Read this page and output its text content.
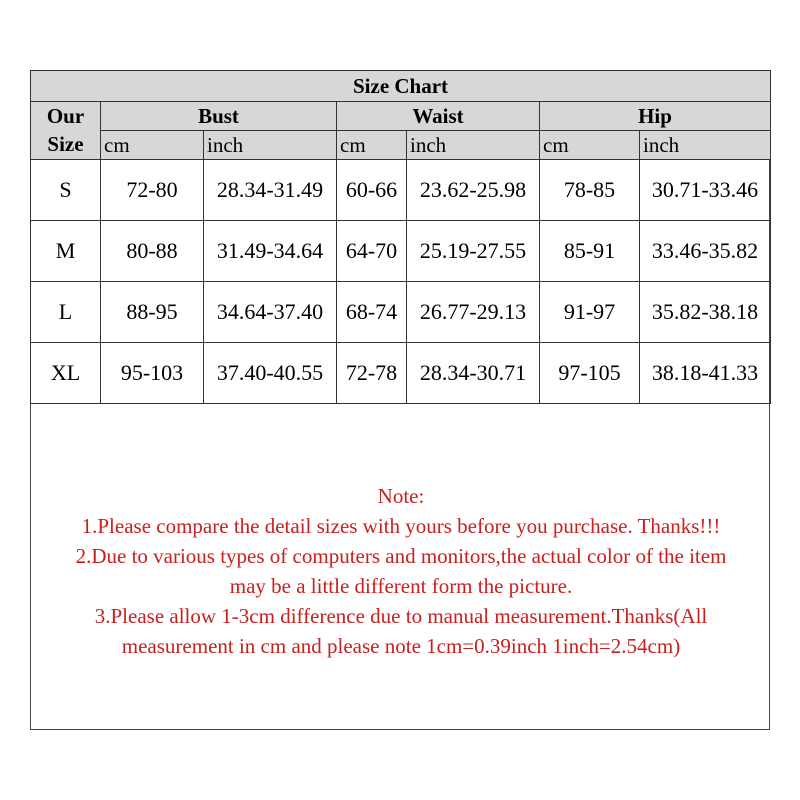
Size Chart						
Our	Bust		Waist		Hip	
Size	cm	inch	cm	inch	cm	inch
S	72-80	28.34-31.49	60-66	23.62-25.98	78-85	30.71-33.46
M	80-88	31.49-34.64	64-70	25.19-27.55	85-91	33.46-35.82
L	88-95	34.64-37.40	68-74	26.77-29.13	91-97	35.82-38.18
XL	95-103	37.40-40.55	72-78	28.34-30.71	97-105	38.18-41.33
Note:
1.Please compare the detail sizes with yours before you purchase. Thanks!!!
2.Due to various types of computers and monitors,the actual color of the item
may be a little different form the picture.
3.Please allow 1-3cm difference due to manual measurement.Thanks(All
measurement in cm and please note 1cm=0.39inch 1inch=2.54cm)
